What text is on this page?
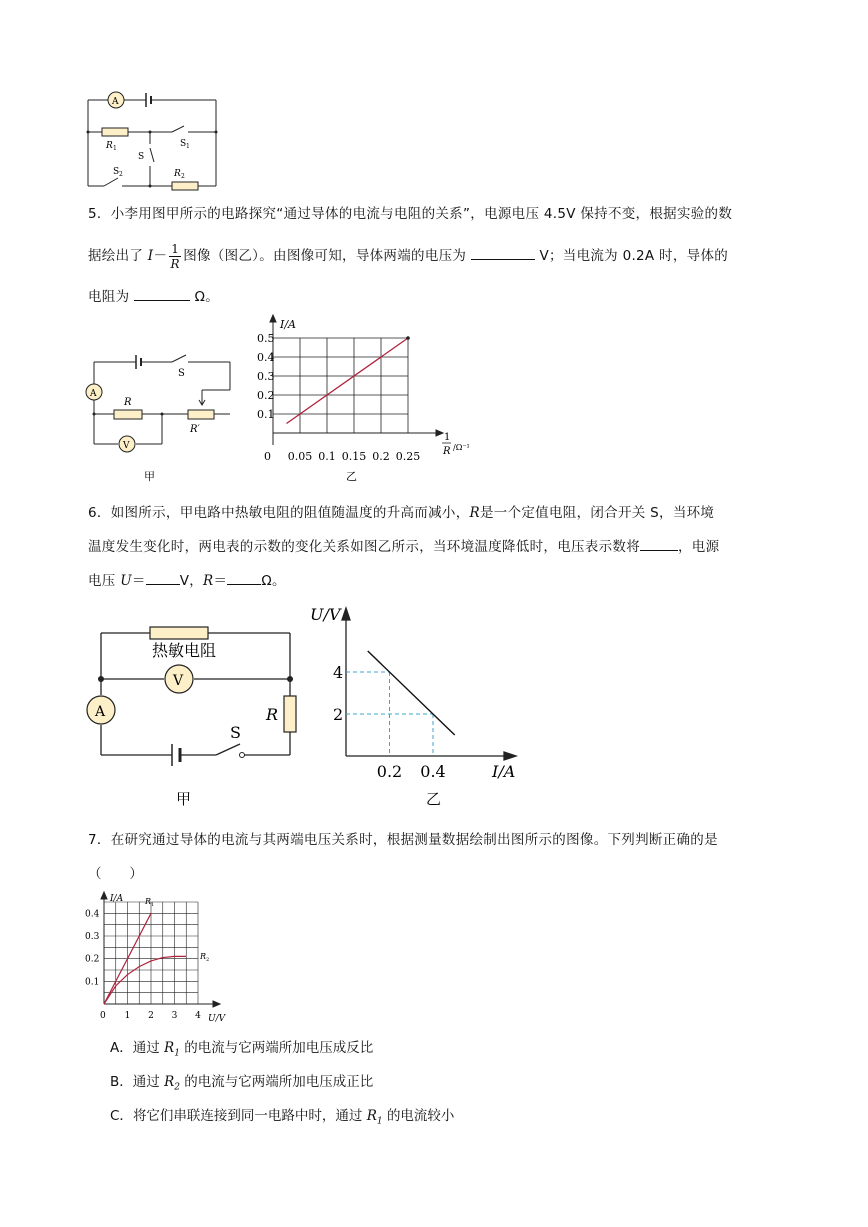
A
R 1	S 1
S
S 2	R 2
5．小李用图甲所示的电路探究“通过导体的电流与电阻的关系”，电源电压 4.5V 保持不变，根据实验的数
据绘出了 $I- \frac{1}{R}$ 图像（图乙）。由图像可知，导体两端的电压为	V；当电流为 0.2A 时，导体的
电阻为	Ω。
A
V
S
R
R′
甲
0.1
0.2
0.3
0.4
0.5
0.05 0.1 0.15 0.2 0.25
I/A
0
1
R /Ω⁻¹
乙
6．如图所示，甲电路中热敏电阻的阻值随温度的升高而减小，R是一个定值电阻，闭合开关 S，当环境
温度发生变化时，两电表的示数的变化关系如图乙所示，当环境温度降低时，电压表示数将	，电源
电压 U＝	V，R＝	Ω。
热敏电阻
V
A	R
S
甲
2
4
0.2 0.4
U/V
I/A
乙
7．在研究通过导体的电流与其两端电压关系时，根据测量数据绘制出图所示的图像。下列判断正确的是
（　　）
0.1
0.2
0.3
0.4
1 2 3 4
I/A
U/V
0
R 1
R 2
A．通过 $R_1$ 的电流与它两端所加电压成反比
B．通过 $R_2$ 的电流与它两端所加电压成正比
C．将它们串联连接到同一电路中时，通过 $R_1$ 的电流较小
